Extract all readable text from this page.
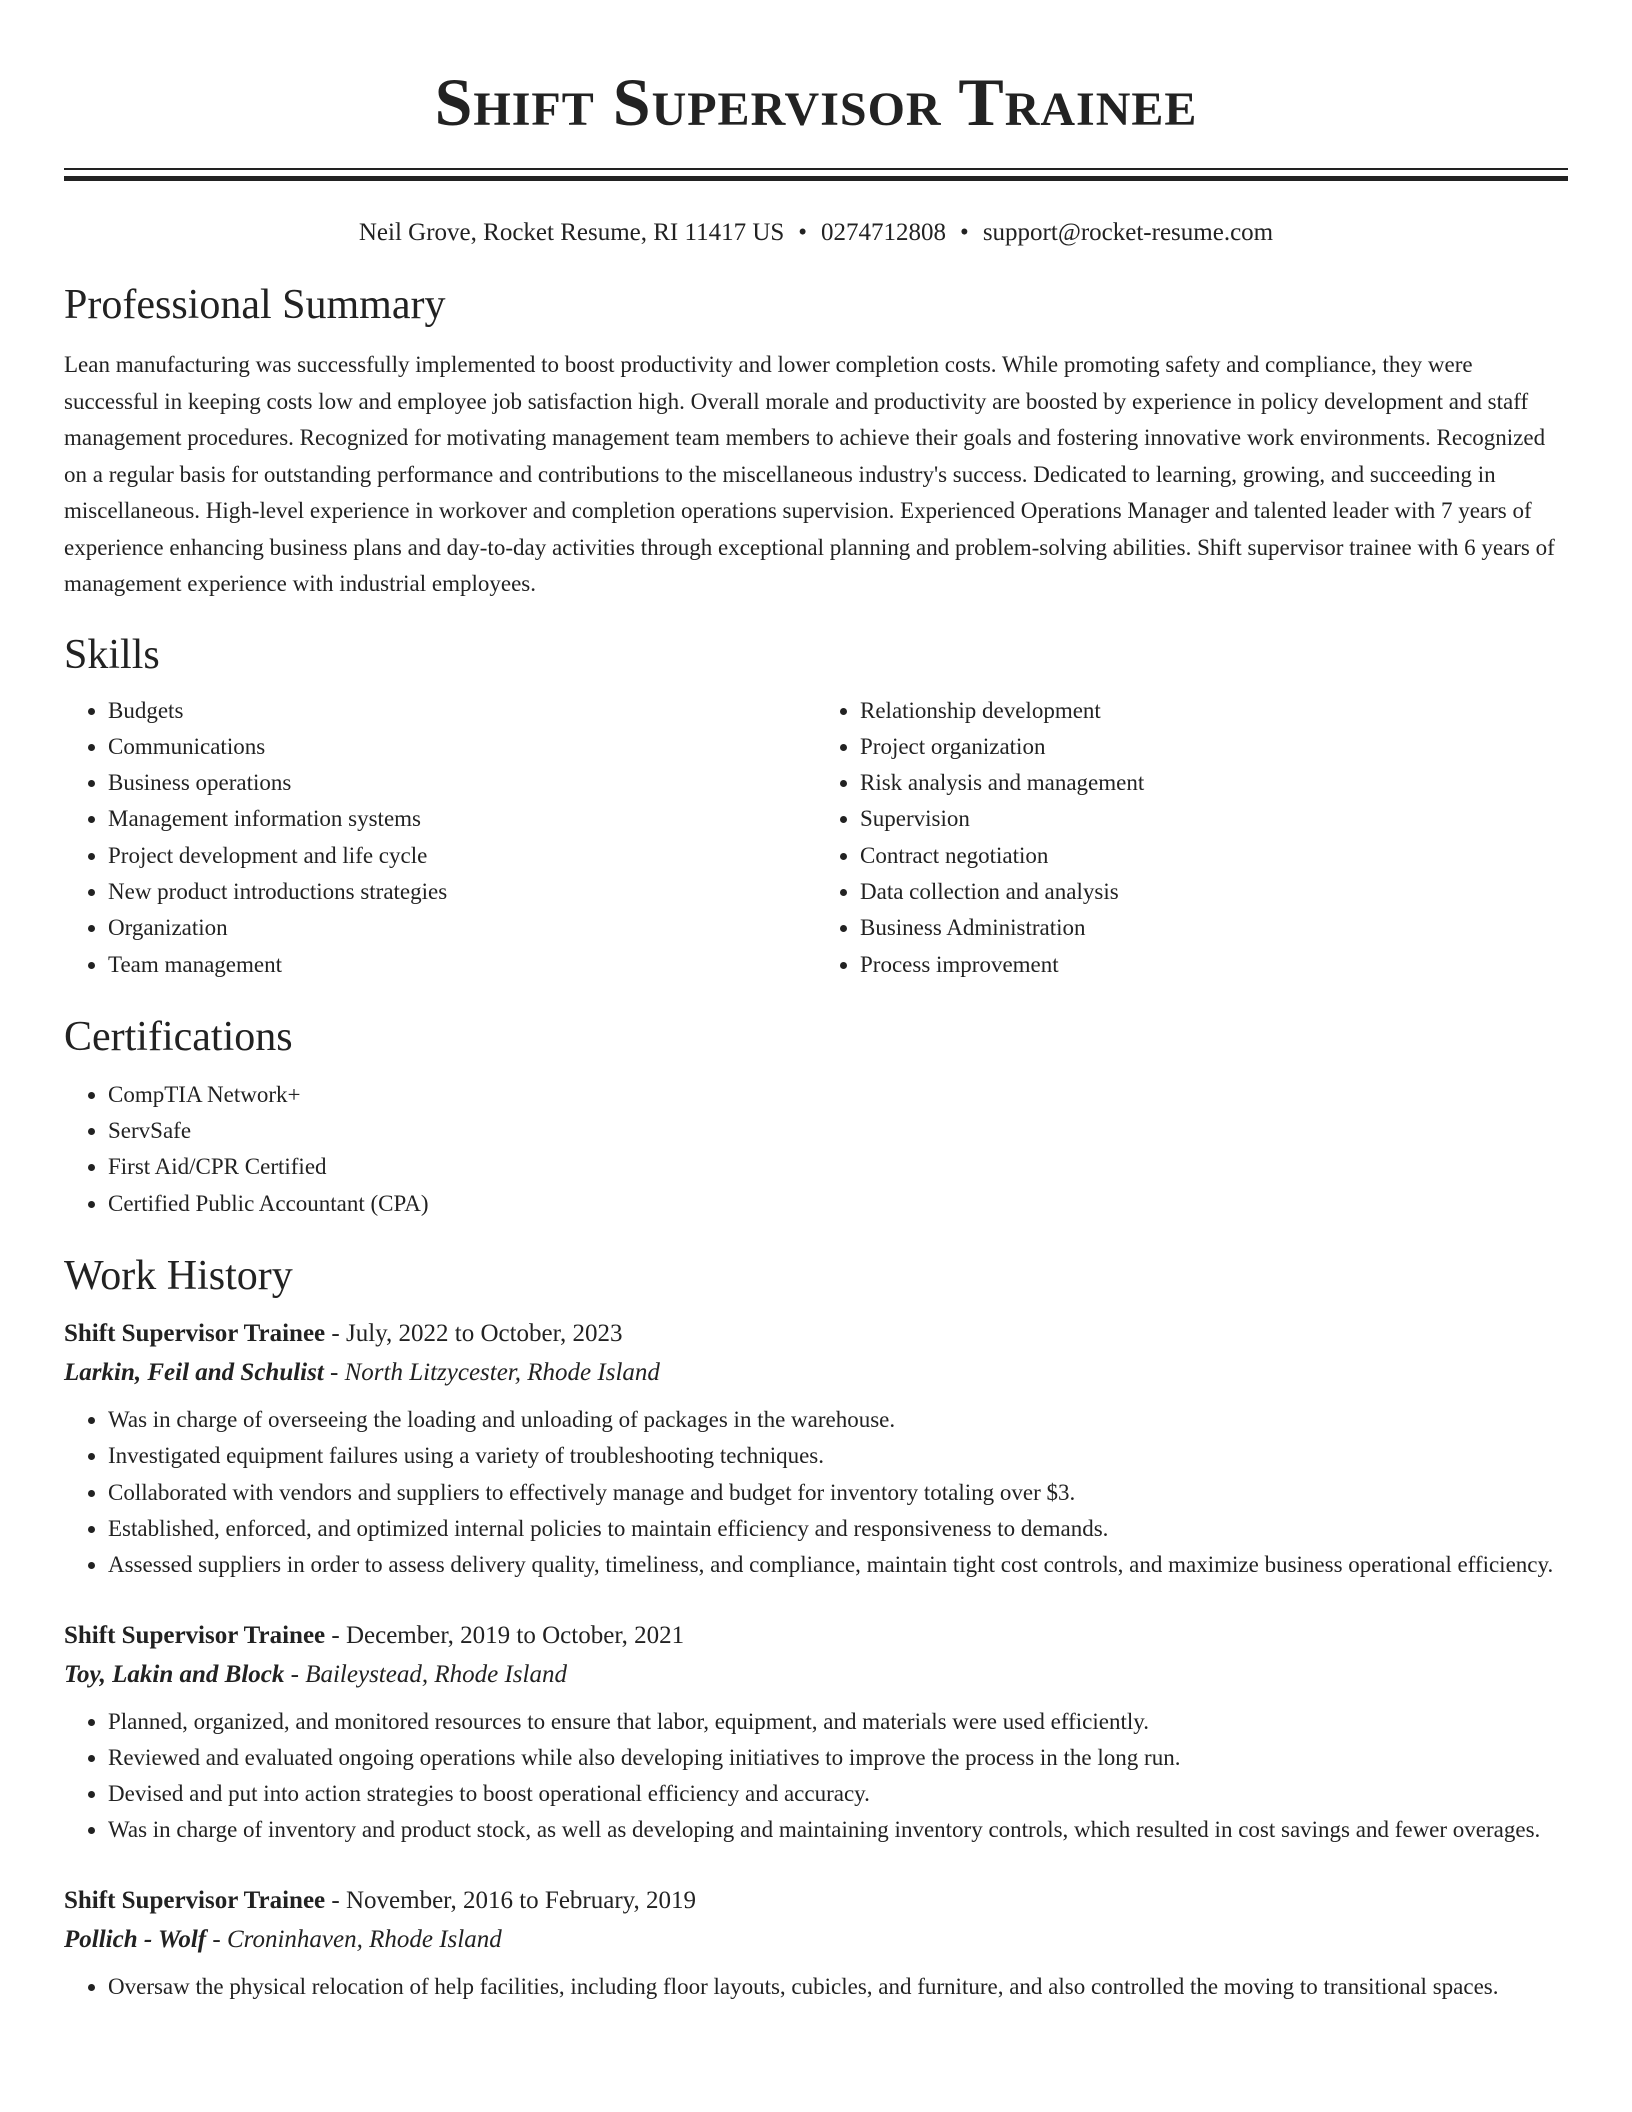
Shift Supervisor Trainee
Neil Grove, Rocket Resume, RI 11417 US • 0274712808 • support@rocket-resume.com
Professional Summary

Lean manufacturing was successfully implemented to boost productivity and lower completion costs. While promoting safety and compliance, they were successful in keeping costs low and employee job satisfaction high. Overall morale and productivity are boosted by experience in policy development and staff management procedures. Recognized for motivating management team members to achieve their goals and fostering innovative work environments. Recognized on a regular basis for outstanding performance and contributions to the miscellaneous industry's success. Dedicated to learning, growing, and succeeding in miscellaneous. High-level experience in workover and completion operations supervision. Experienced Operations Manager and talented leader with 7 years of experience enhancing business plans and day-to-day activities through exceptional planning and problem-solving abilities. Shift supervisor trainee with 6 years of management experience with industrial employees.

Skills
• Budgets
• Communications
• Business operations
• Management information systems
• Project development and life cycle
• New product introductions strategies
• Organization
• Team management
• Relationship development
• Project organization
• Risk analysis and management
• Supervision
• Contract negotiation
• Data collection and analysis
• Business Administration
• Process improvement
Certifications
• CompTIA Network+
• ServSafe
• First Aid/CPR Certified
• Certified Public Accountant (CPA)
Work History
Shift Supervisor Trainee - July, 2022 to October, 2023
Larkin, Feil and Schulist - North Litzycester, Rhode Island
• Was in charge of overseeing the loading and unloading of packages in the warehouse.
• Investigated equipment failures using a variety of troubleshooting techniques.
• Collaborated with vendors and suppliers to effectively manage and budget for inventory totaling over $3.
• Established, enforced, and optimized internal policies to maintain efficiency and responsiveness to demands.
• Assessed suppliers in order to assess delivery quality, timeliness, and compliance, maintain tight cost controls, and maximize business operational efficiency.
Shift Supervisor Trainee - December, 2019 to October, 2021
Toy, Lakin and Block - Baileystead, Rhode Island
• Planned, organized, and monitored resources to ensure that labor, equipment, and materials were used efficiently.
• Reviewed and evaluated ongoing operations while also developing initiatives to improve the process in the long run.
• Devised and put into action strategies to boost operational efficiency and accuracy.
• Was in charge of inventory and product stock, as well as developing and maintaining inventory controls, which resulted in cost savings and fewer overages.
Shift Supervisor Trainee - November, 2016 to February, 2019
Pollich - Wolf - Croninhaven, Rhode Island
• Oversaw the physical relocation of help facilities, including floor layouts, cubicles, and furniture, and also controlled the moving to transitional spaces.
